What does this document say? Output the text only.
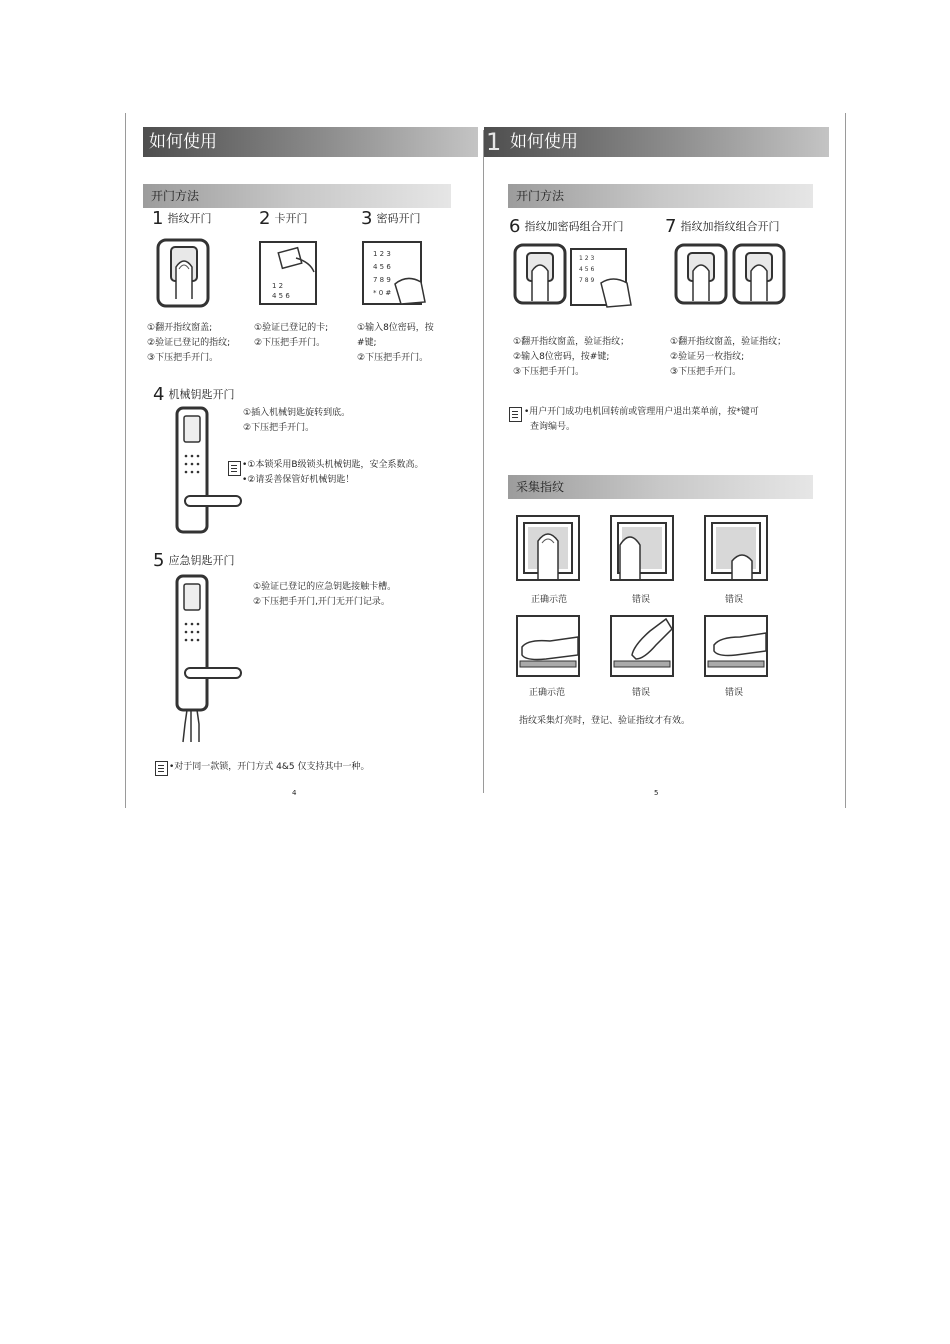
如何使用
开门方法
1 指纹开门
①翻开指纹窗盖;
②验证已登记的指纹;
③下压把手开门。
2 卡开门
1 2
4 5 6
①验证已登记的卡;
②下压把手开门。
3 密码开门
1 2 3
4 5 6
7 8 9
* 0 #
①输入8位密码，按
#键;
②下压把手开门。
4 机械钥匙开门
①插入机械钥匙旋转到底。
②下压把手开门。
•①本锁采用B级锁头机械钥匙，安全系数高。
•②请妥善保管好机械钥匙！
5 应急钥匙开门
①验证已登记的应急钥匙接触卡槽。
②下压把手开门,开门无开门记录。
•对于同一款锁，开门方式 4&5 仅支持其中一种。
4
1 如何使用
开门方法
6 指纹加密码组合开门
1 2 3
4 5 6
7 8 9
①翻开指纹窗盖，验证指纹；
②输入8位密码，按#键;
③下压把手开门。
7 指纹加指纹组合开门
①翻开指纹窗盖，验证指纹；
②验证另一枚指纹;
③下压把手开门。
•用户开门成功电机回转前或管理用户退出菜单前，按*键可
查询编号。
采集指纹
正确示范	错误	错误
正确示范	错误	错误
指纹采集灯亮时，登记、验证指纹才有效。
5
